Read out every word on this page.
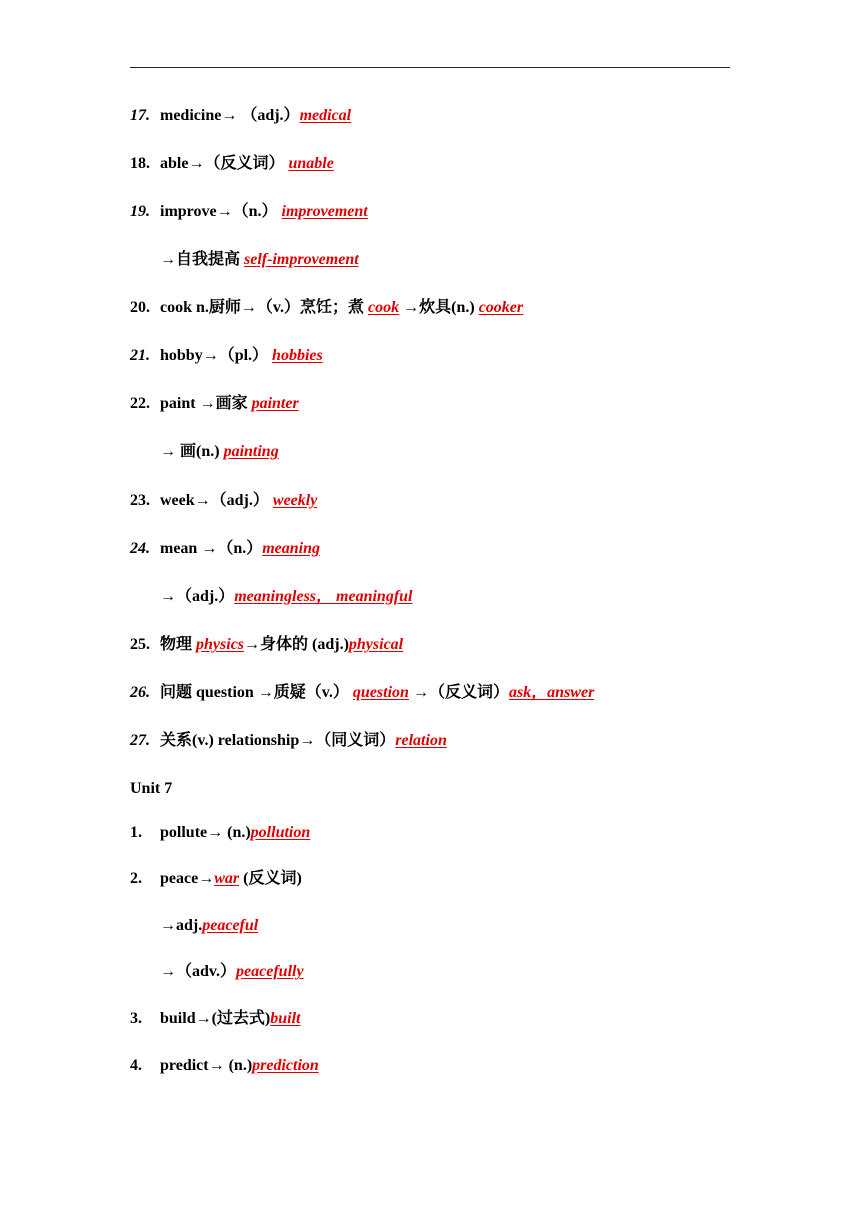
17. medicine→ （adj.）medical
18. able→（反义词） unable
19. improve→（n.） improvement
→自我提高 self-improvement
20. cook n.厨师→（v.）烹饪；煮 cook →炊具(n.) cooker
21. hobby→（pl.） hobbies
22. paint →画家 painter
→ 画(n.) painting
23. week→（adj.） weekly
24. mean →（n.）meaning
→（adj.）meaningless， meaningful
25. 物理 physics→身体的 (adj.)physical
26. 问题 question →质疑（v.） question →（反义词）ask，answer
27. 关系(v.) relationship→（同义词）relation
Unit 7
1. pollute→ (n.)pollution
2. peace→war (反义词)
→adj.peaceful
→（adv.）peacefully
3. build→(过去式)built
4. predict→ (n.)prediction
